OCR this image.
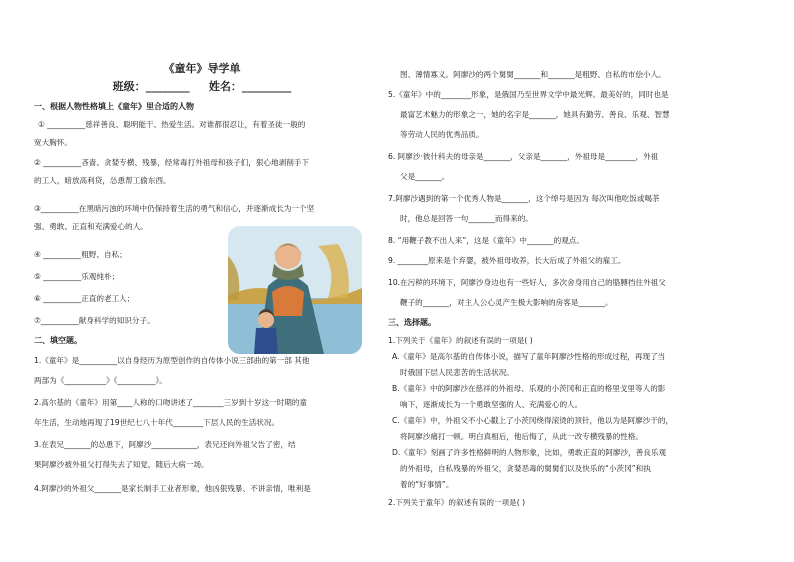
《童年》导学单
班级：________ 姓名：_________
一、根据人物性格填上《童年》里合适的人物
① __________慈祥善良、聪明能干、热爱生活。对谁都很忍让，有着圣徒一般的
宽大胸怀。
② __________吝啬、贪婪专横、残暴，经常毒打外祖母和孩子们，狠心地剥削手下
的工人，暗放高利贷，怂恿帮工偷东西。
③__________在黑暗污浊的环境中仍保持着生活的勇气和信心，并逐渐成长为一个坚
强、勇敢、正直和充满爱心的人。
④ __________粗野、自私；
⑤ __________乐观纯朴；
⑥ __________正直的老工人；
⑦__________献身科学的知识分子。
二、填空题。
1.《童年》是__________以自身经历为原型创作的自传体小说三部曲的第一部 其他
两部为《___________》《__________》。
2.高尔基的《童年》用第____人称的口吻讲述了________三岁到十岁这一时期的童
年生活，生动地再现了19世纪七八十年代________下层人民的生活状况。
3.在表兄_______的怂恿下，阿廖沙____________，表兄还向外祖父告了密，结
果阿廖沙被外祖父打得失去了知觉，随后大病一场。
4.阿廖沙的外祖父_______是家长制手工业者形象，他凶狠残暴、不讲亲情，唯利是
图、薄情寡义。阿廖沙的两个舅舅_______和_______是粗野、自私的市侩小人。
5.《童年》中的________形象，是俄国乃至世界文学中最光辉、最美好的，同时也是
最富艺术魅力的形象之一，她的名字是_______，她具有勤劳、善良、乐观、智慧
等劳动人民的优秀品质。
6. 阿廖沙·彼什科夫的母亲是_______，父亲是_______，外祖母是________，外祖
父是_______。
7.阿廖沙遇到的第一个优秀人物是_______，这个绰号是因为 每次叫他吃饭或喝茶
时，他总是回答一句_______而得来的。
8. “用鞭子教不出人来”，这是《童年》中_______的观点。
9. ________原来是个弃婴，被外祖母收养，长大后成了外祖父的雇工。
10.在污秽的环境下，阿廖沙身边也有一些好人，多次舍身用自己的胳膊挡住外祖父
鞭子的_______，对主人公心灵产生极大影响的房客是_______。
三、选择题。
1.下列关于《童年》的叙述有误的一项是( )
A.《童年》是高尔基的自传体小说，描写了童年阿廖沙性格的形成过程，再现了当
时俄国下层人民悲苦的生活状况。
B.《童年》中的阿廖沙在慈祥的外祖母、乐观的小茨冈和正直的格里戈里等人的影
响下，逐渐成长为一个勇敢坚强的人、充满爱心的人。
C.《童年》中，外祖父不小心戳上了小茨冈绕得滚烫的顶针，他以为是阿廖沙干的，
将阿廖沙痛打一顿。明白真相后，他后悔了，从此一改专横残暴的性格。
D.《童年》刻画了许多性格鲜明的人物形象，比如，勇敢正直的阿廖沙，善良乐观
的外祖母，自私残暴的外祖父，贪婪恶毒的舅舅们以及快乐的“小茨冈”和执
着的“好事情”。
2.下列关于童年》的叙述有误的一项是( )
